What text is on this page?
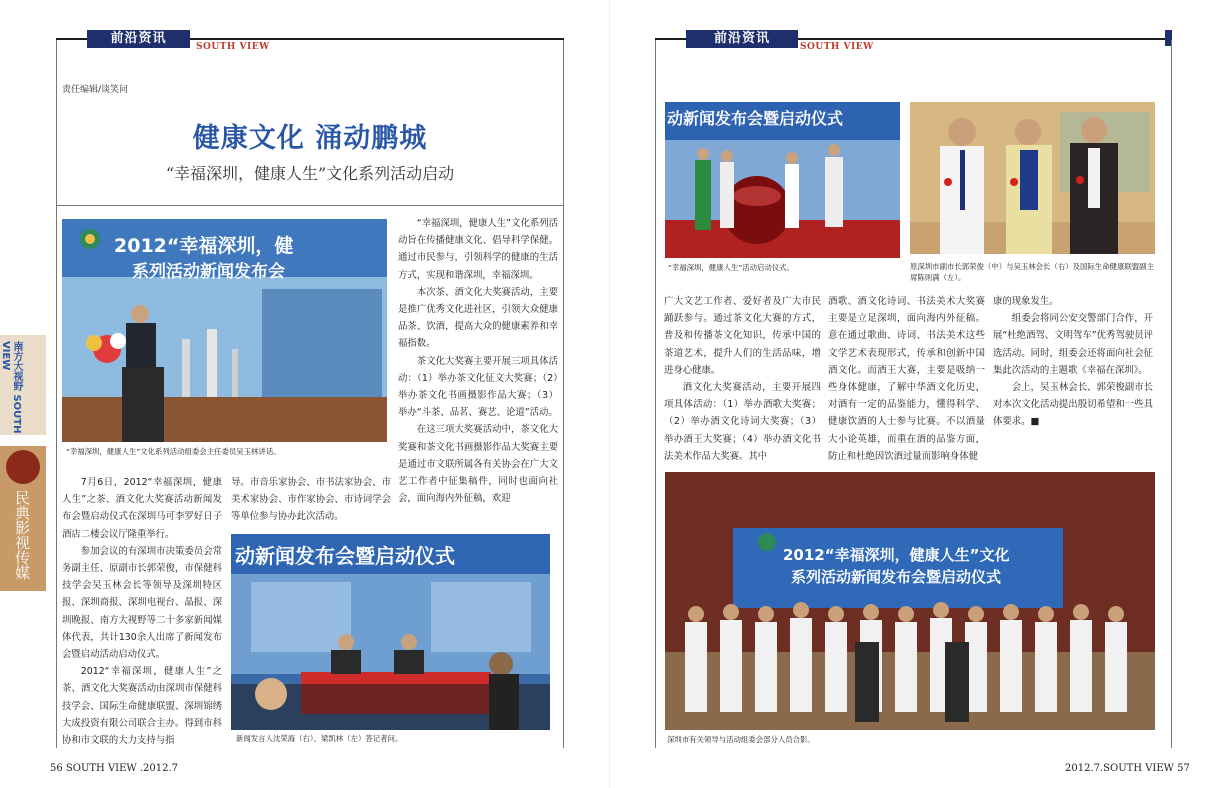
前沿资讯
SOUTH VIEW
责任编辑/谈笑问
健康文化 涌动鹏城
“幸福深圳，健康人生”文化系列活动启动
2012“幸福深圳，健
系列活动新闻发布会
“幸福深圳，健康人生”文化系列活动组委会主任委员吴玉林讲话。

“幸福深圳，健康人生”文化系列活动旨在传播健康文化、倡导科学保健。通过市民参与，引领科学的健康的生活方式，实现和谐深圳，幸福深圳。

本次茶、酒文化大奖赛活动，主要是推广优秀文化进社区，引领大众健康品茶、饮酒，提高大众的健康素养和幸福指数。

茶文化大奖赛主要开展三项具体活动：（1）举办茶文化征文大奖赛；（2）举办茶文化书画摄影作品大赛；（3）举办“斗茶、品茗、赛艺、论道”活动。

在这三项大奖赛活动中，茶文化大奖赛和茶文化书画摄影作品大奖赛主要是通过市文联所属各有关协会在广大文艺工作者中征集稿件，同时也面向社会，面向海内外征稿，欢迎

7月6日，2012“幸福深圳，健康人生”之茶、酒文化大奖赛活动新闻发布会暨启动仪式在深圳马可李罗好日子酒店二楼会议厅隆重举行。

参加会议的有深圳市决策委员会常务副主任、原副市长郭荣俊，市保健科技学会吴玉林会长等领导及深圳特区报、深圳商报、深圳电视台、晶报、深圳晚报、南方大视野等二十多家新闻媒体代表，共计130余人出席了新闻发布会暨启动活动启动仪式。

2012“幸福深圳，健康人生”之茶、酒文化大奖赛活动由深圳市保健科技学会、国际生命健康联盟、深圳锦绣大成投资有限公司联合主办。得到市科协和市文联的大力支持与指

导。市音乐家协会、市书法家协会、市美术家协会、市作家协会、市诗词学会等单位参与协办此次活动。

动新闻发布会暨启动仪式
新闻发言人沈荣海（右）、梁凯林（左）答记者问。
南方大视野 SOUTH VIEW
民典影视传媒
56 SOUTH VIEW .2012.7
前沿资讯
SOUTH VIEW
动新闻发布会暨启动仪式
“幸福深圳，健康人生”活动启动仪式。	原深圳市副市长郭荣俊（中）与吴玉林会长（右）及国际生命健康联盟副主席陈则满（左）。

广大文艺工作者、爱好者及广大市民踊跃参与。通过茶文化大赛的方式，普及和传播茶文化知识，传承中国的茶道艺术，提升人们的生活品味，增进身心健康。

酒文化大奖赛活动，主要开展四项具体活动：（1）举办酒歌大奖赛；（2）举办酒文化诗词大奖赛；（3）举办酒王大奖赛；（4）举办酒文化书法美术作品大奖赛。其中

酒歌、酒文化诗词、书法美术大奖赛主要是立足深圳，面向海内外征稿。意在通过歌曲、诗词、书法美术这些文学艺术表现形式，传承和创新中国酒文化。而酒王大赛，主要是吸纳一些身体健康，了解中华酒文化历史，对酒有一定的品鉴能力，懂得科学、健康饮酒的人士参与比赛。不以酒量大小论英雄，而重在酒的品鉴方面，防止和杜绝因饮酒过量而影响身体健

康的现象发生。

组委会将同公安交警部门合作，开展“杜绝酒驾、文明驾车”优秀驾驶员评选活动。同时，组委会还将面向社会征集此次活动的主题歌《幸福在深圳》。

会上，吴玉林会长、郭荣俊副市长对本次文化活动提出殷切希望和一些具体要求。■

2012“幸福深圳，健康人生”文化
系列活动新闻发布会暨启动仪式
深圳市有关领导与活动组委会部分人员合影。
2012.7.SOUTH VIEW 57
